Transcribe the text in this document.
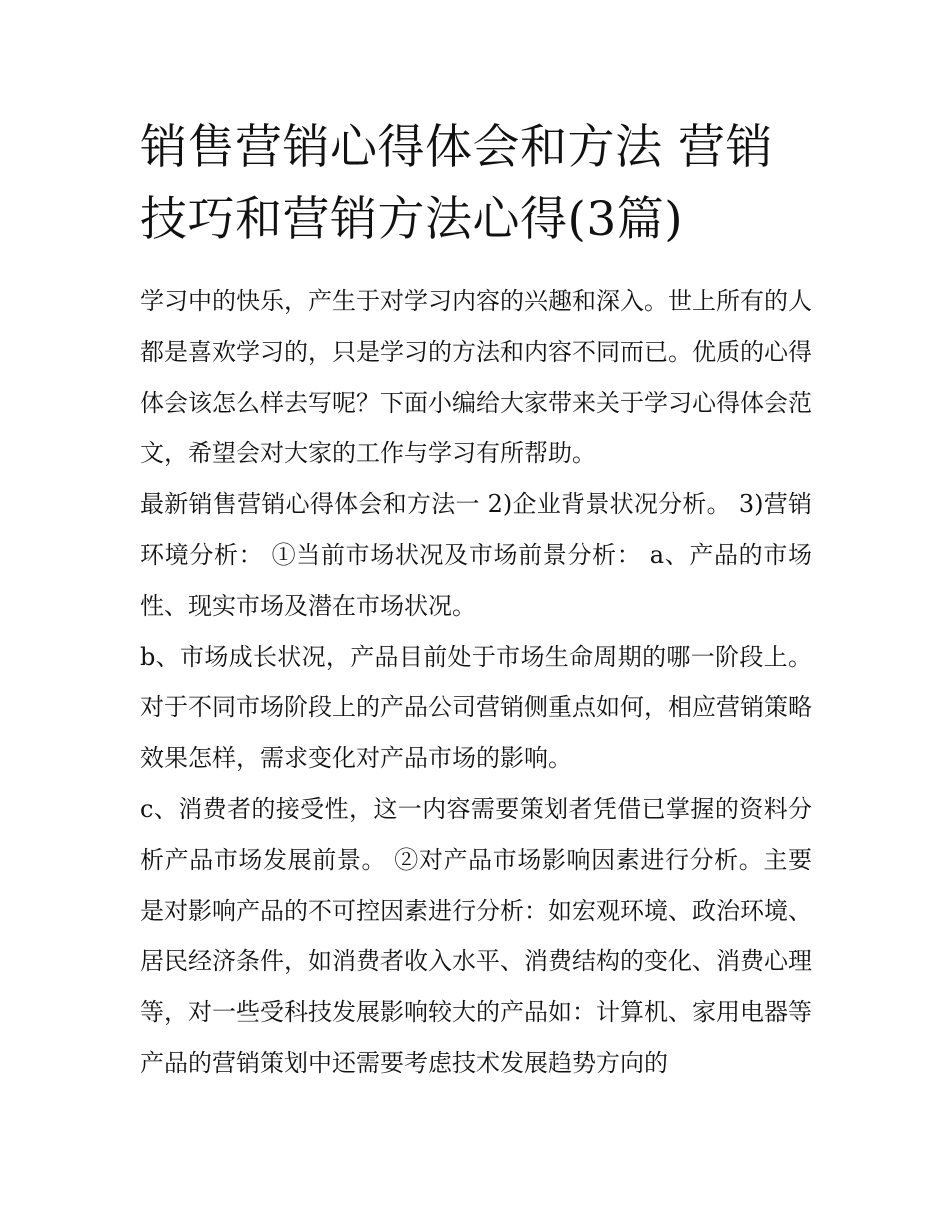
销售营销心得体会和方法 营销技巧和营销方法心得(3篇)

学习中的快乐，产生于对学习内容的兴趣和深入。世上所有的人都是喜欢学习的，只是学习的方法和内容不同而已。优质的心得体会该怎么样去写呢？下面小编给大家带来关于学习心得体会范文，希望会对大家的工作与学习有所帮助。

最新销售营销心得体会和方法一 2)企业背景状况分析。 3)营销环境分析： ①当前市场状况及市场前景分析： a、产品的市场性、现实市场及潜在市场状况。

b、市场成长状况，产品目前处于市场生命周期的哪一阶段上。对于不同市场阶段上的产品公司营销侧重点如何，相应营销策略效果怎样，需求变化对产品市场的影响。

c、消费者的接受性，这一内容需要策划者凭借已掌握的资料分析产品市场发展前景。 ②对产品市场影响因素进行分析。主要是对影响产品的不可控因素进行分析：如宏观环境、政治环境、居民经济条件，如消费者收入水平、消费结构的变化、消费心理等，对一些受科技发展影响较大的产品如：计算机、家用电器等产品的营销策划中还需要考虑技术发展趋势方向的
